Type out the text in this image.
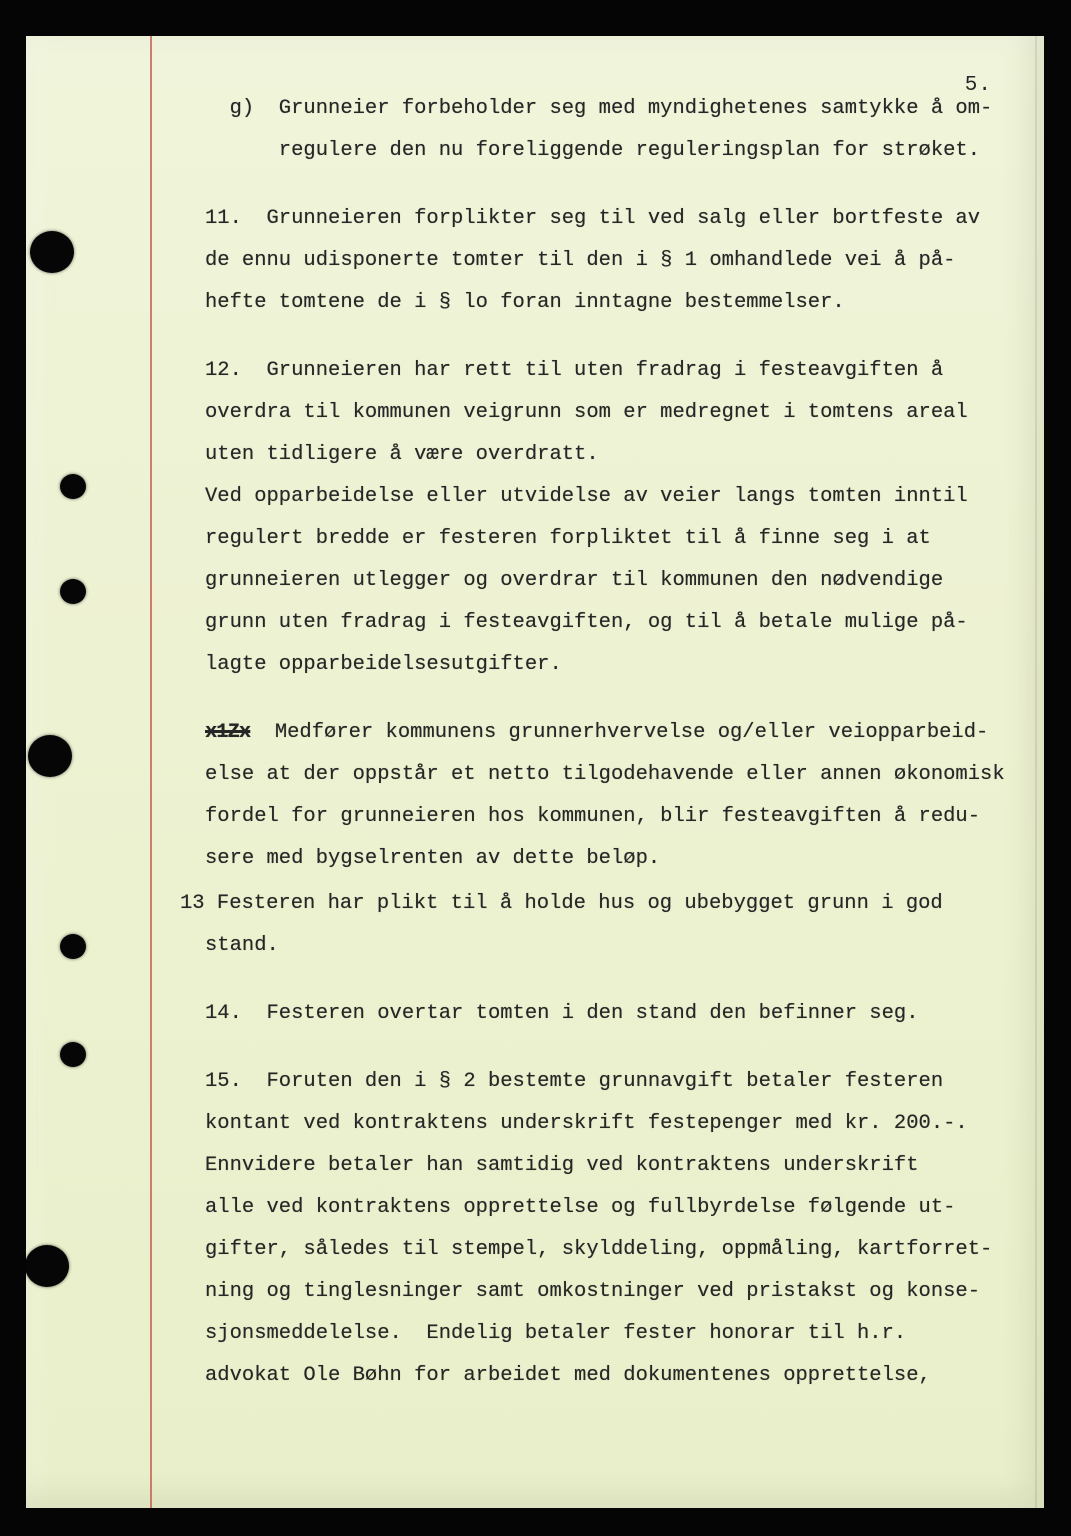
5.
g)  Grunneier forbeholder seg med myndighetenes samtykke å om-
regulere den nu foreliggende reguleringsplan for strøket.
11.  Grunneieren forplikter seg til ved salg eller bortfeste av
de ennu udisponerte tomter til den i § 1 omhandlede vei å på-
hefte tomtene de i § lo foran inntagne bestemmelser.
12.  Grunneieren har rett til uten fradrag i festeavgiften å
overdra til kommunen veigrunn som er medregnet i tomtens areal
uten tidligere å være overdratt.
Ved opparbeidelse eller utvidelse av veier langs tomten inntil
regulert bredde er festeren forpliktet til å finne seg i at
grunneieren utlegger og overdrar til kommunen den nødvendige
grunn uten fradrag i festeavgiften, og til å betale mulige på-
lagte opparbeidelsesutgifter.
x1Zx  Medfører kommunens grunnerhvervelse og/eller veiopparbeid-
else at der oppstår et netto tilgodehavende eller annen økonomisk
fordel for grunneieren hos kommunen, blir festeavgiften å redu-
sere med bygselrenten av dette beløp.
13 Festeren har plikt til å holde hus og ubebygget grunn i god
stand.
14.  Festeren overtar tomten i den stand den befinner seg.
15.  Foruten den i § 2 bestemte grunnavgift betaler festeren
kontant ved kontraktens underskrift festepenger med kr. 200.-.
Ennvidere betaler han samtidig ved kontraktens underskrift
alle ved kontraktens opprettelse og fullbyrdelse følgende ut-
gifter, således til stempel, skylddeling, oppmåling, kartforret-
ning og tinglesninger samt omkostninger ved pristakst og konse-
sjonsmeddelelse.  Endelig betaler fester honorar til h.r.
advokat Ole Bøhn for arbeidet med dokumentenes opprettelse,
